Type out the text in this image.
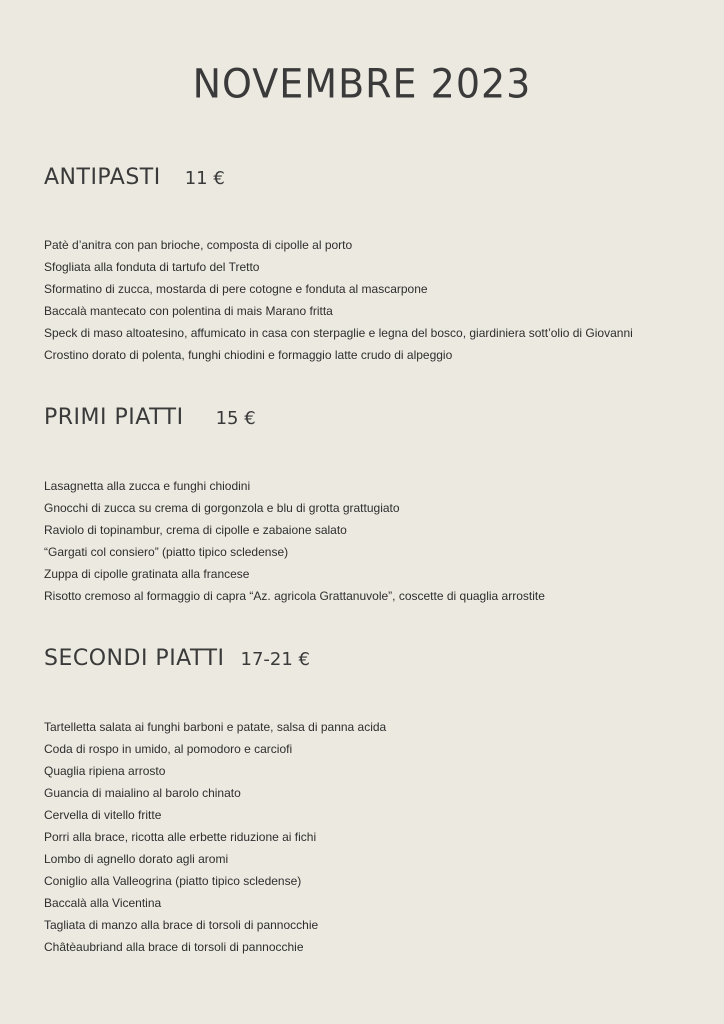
NOVEMBRE 2023
ANTIPASTI 11 €
Patè d’anitra con pan brioche, composta di cipolle al porto
Sfogliata alla fonduta di tartufo del Tretto
Sformatino di zucca, mostarda di pere cotogne e fonduta al mascarpone
Baccalà mantecato con polentina di mais Marano fritta
Speck di maso altoatesino, affumicato in casa con sterpaglie e legna del bosco, giardiniera sott’olio di Giovanni
Crostino dorato di polenta, funghi chiodini e formaggio latte crudo di alpeggio
PRIMI PIATTI 15 €
Lasagnetta alla zucca e funghi chiodini
Gnocchi di zucca su crema di gorgonzola e blu di grotta grattugiato
Raviolo di topinambur, crema di cipolle e zabaione salato
“Gargati col consiero” (piatto tipico scledense)
Zuppa di cipolle gratinata alla francese
Risotto cremoso al formaggio di capra “Az. agricola Grattanuvole”, coscette di quaglia arrostite
SECONDI PIATTI 17-21 €
Tartelletta salata ai funghi barboni e patate, salsa di panna acida
Coda di rospo in umido, al pomodoro e carciofi
Quaglia ripiena arrosto
Guancia di maialino al barolo chinato
Cervella di vitello fritte
Porri alla brace, ricotta alle erbette riduzione ai fichi
Lombo di agnello dorato agli aromi
Coniglio alla Valleogrina (piatto tipico scledense)
Baccalà alla Vicentina
Tagliata di manzo alla brace di torsoli di pannocchie
Châtèaubriand alla brace di torsoli di pannocchie
